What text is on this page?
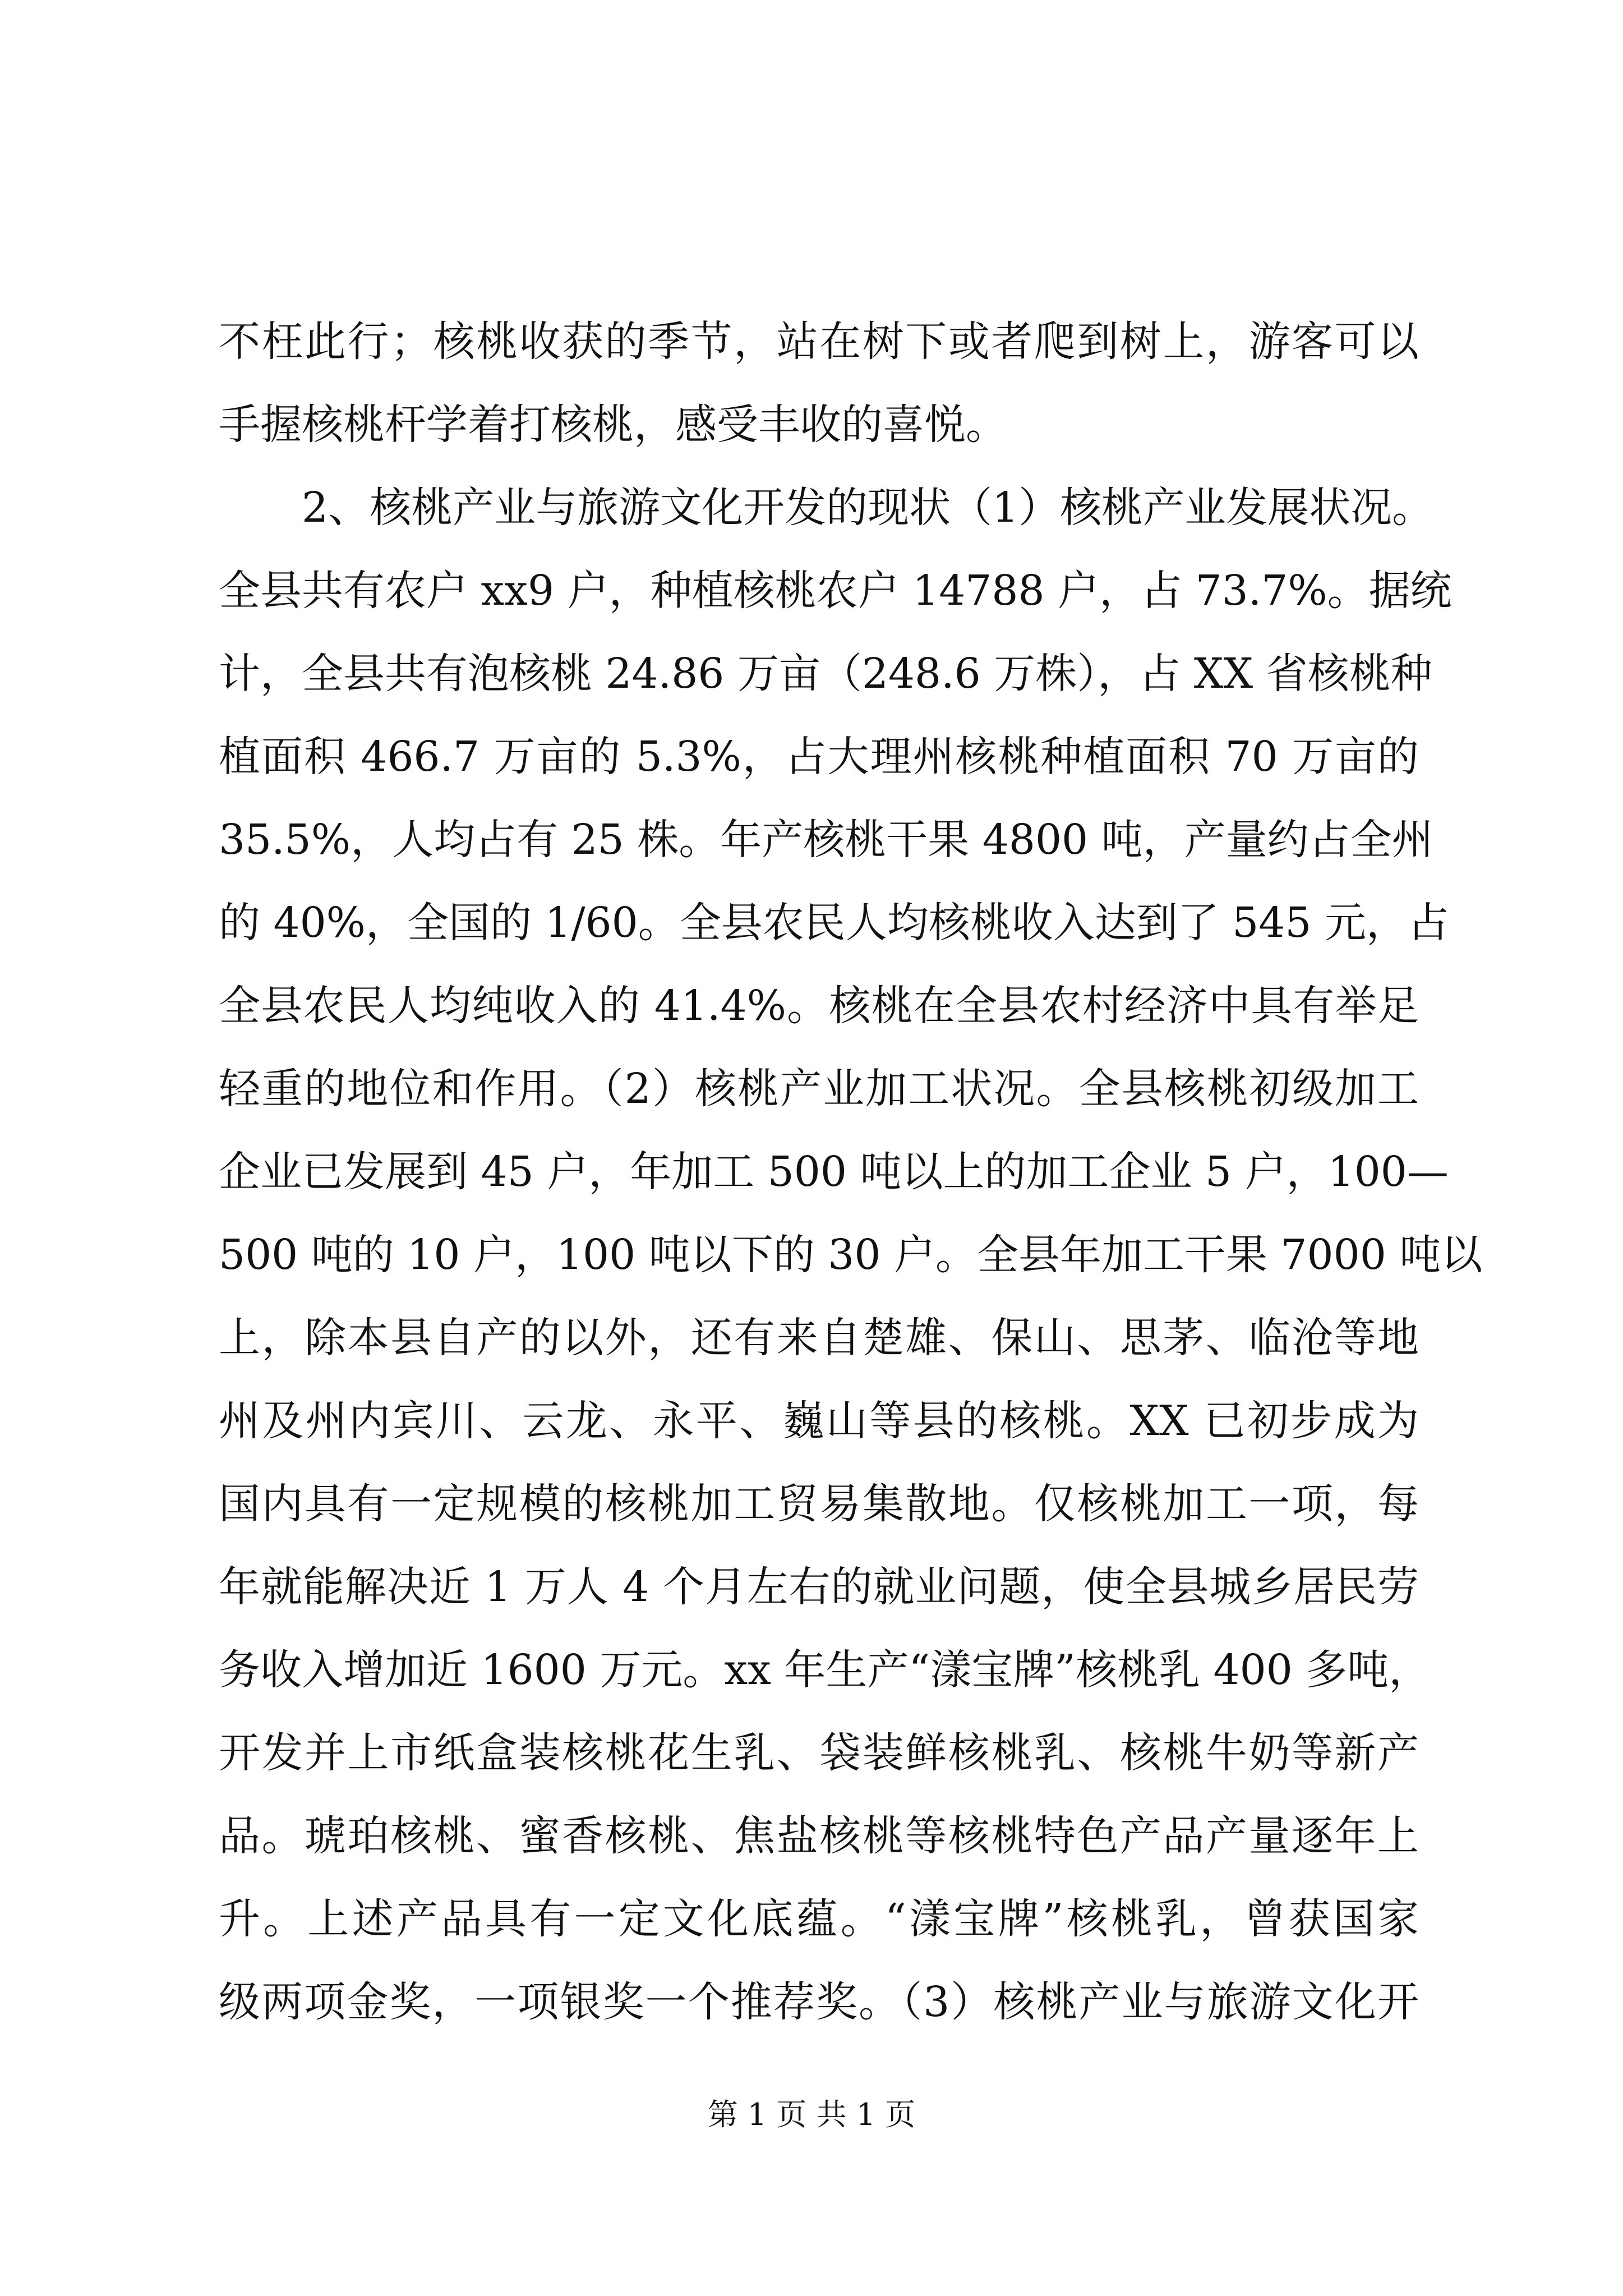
不枉此行；核桃收获的季节，站在树下或者爬到树上，游客可以
手握核桃杆学着打核桃，感受丰收的喜悦。
2、核桃产业与旅游文化开发的现状（1）核桃产业发展状况。
全县共有农户 xx9 户，种植核桃农户 14788 户，占 73.7%。据统
计，全县共有泡核桃 24.86 万亩（248.6 万株），占 XX 省核桃种
植面积 466.7 万亩的 5.3%，占大理州核桃种植面积 70 万亩的
35.5%，人均占有 25 株。年产核桃干果 4800 吨，产量约占全州
的 40%，全国的 1/60。全县农民人均核桃收入达到了 545 元，占
全县农民人均纯收入的 41.4%。核桃在全县农村经济中具有举足
轻重的地位和作用。（2）核桃产业加工状况。全县核桃初级加工
企业已发展到 45 户，年加工 500 吨以上的加工企业 5 户，100—
500 吨的 10 户，100 吨以下的 30 户。全县年加工干果 7000 吨以
上，除本县自产的以外，还有来自楚雄、保山、思茅、临沧等地
州及州内宾川、云龙、永平、巍山等县的核桃。XX 已初步成为
国内具有一定规模的核桃加工贸易集散地。仅核桃加工一项，每
年就能解决近 1 万人 4 个月左右的就业问题，使全县城乡居民劳
务收入增加近 1600 万元。xx 年生产“漾宝牌”核桃乳 400 多吨，
开发并上市纸盒装核桃花生乳、袋装鲜核桃乳、核桃牛奶等新产
品。琥珀核桃、蜜香核桃、焦盐核桃等核桃特色产品产量逐年上
升。上述产品具有一定文化底蕴。“漾宝牌”核桃乳，曾获国家
级两项金奖，一项银奖一个推荐奖。（3）核桃产业与旅游文化开
第 1 页 共 1 页
